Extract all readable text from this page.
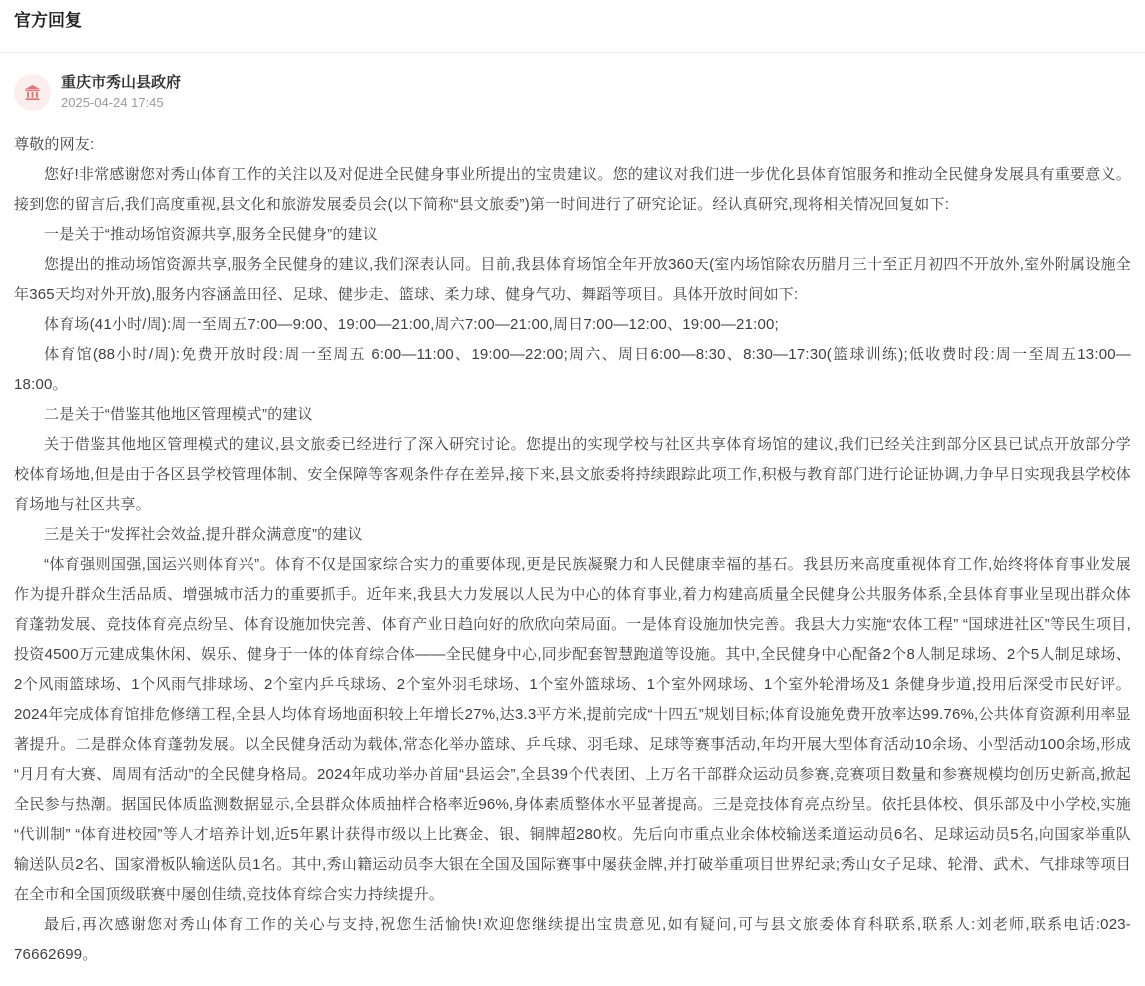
官方回复
重庆市秀山县政府
2025-04-24 17:45

尊敬的网友:

您好!非常感谢您对秀山体育工作的关注以及对促进全民健身事业所提出的宝贵建议。您的建议对我们进一步优化县体育馆服务和推动全民健身发展具有重要意义。接到您的留言后,我们高度重视,县文化和旅游发展委员会(以下简称“县文旅委”)第一时间进行了研究论证。经认真研究,现将相关情况回复如下:

一是关于“推动场馆资源共享,服务全民健身”的建议

您提出的推动场馆资源共享,服务全民健身的建议,我们深表认同。目前,我县体育场馆全年开放360天(室内场馆除农历腊月三十至正月初四不开放外,室外附属设施全年365天均对外开放),服务内容涵盖田径、足球、健步走、篮球、柔力球、健身气功、舞蹈等项目。具体开放时间如下:

体育场(41小时/周):周一至周五7:00—9:00、19:00—21:00,周六7:00—21:00,周日7:00—12:00、19:00—21:00;

体育馆(88小时/周):免费开放时段:周一至周五 6:00—11:00、19:00—22:00;周六、周日6:00—8:30、8:30—17:30(篮球训练);低收费时段:周一至周五13:00—18:00。

二是关于“借鉴其他地区管理模式”的建议

关于借鉴其他地区管理模式的建议,县文旅委已经进行了深入研究讨论。您提出的实现学校与社区共享体育场馆的建议,我们已经关注到部分区县已试点开放部分学校体育场地,但是由于各区县学校管理体制、安全保障等客观条件存在差异,接下来,县文旅委将持续跟踪此项工作,积极与教育部门进行论证协调,力争早日实现我县学校体育场地与社区共享。

三是关于“发挥社会效益,提升群众满意度”的建议

“体育强则国强,国运兴则体育兴”。体育不仅是国家综合实力的重要体现,更是民族凝聚力和人民健康幸福的基石。我县历来高度重视体育工作,始终将体育事业发展作为提升群众生活品质、增强城市活力的重要抓手。近年来,我县大力发展以人民为中心的体育事业,着力构建高质量全民健身公共服务体系,全县体育事业呈现出群众体育蓬勃发展、竞技体育亮点纷呈、体育设施加快完善、体育产业日趋向好的欣欣向荣局面。一是体育设施加快完善。我县大力实施“农体工程” “国球进社区”等民生项目,投资4500万元建成集休闲、娱乐、健身于一体的体育综合体——全民健身中心,同步配套智慧跑道等设施。其中,全民健身中心配备2个8人制足球场、2个5人制足球场、2个风雨篮球场、1个风雨气排球场、2个室内乒乓球场、2个室外羽毛球场、1个室外篮球场、1个室外网球场、1个室外轮滑场及1 条健身步道,投用后深受市民好评。2024年完成体育馆排危修缮工程,全县人均体育场地面积较上年增长27%,达3.3平方米,提前完成“十四五”规划目标;体育设施免费开放率达99.76%,公共体育资源利用率显著提升。二是群众体育蓬勃发展。以全民健身活动为载体,常态化举办篮球、乒乓球、羽毛球、足球等赛事活动,年均开展大型体育活动10余场、小型活动100余场,形成“月月有大赛、周周有活动”的全民健身格局。2024年成功举办首届“县运会”,全县39个代表团、上万名干部群众运动员参赛,竞赛项目数量和参赛规模均创历史新高,掀起全民参与热潮。据国民体质监测数据显示,全县群众体质抽样合格率近96%,身体素质整体水平显著提高。三是竞技体育亮点纷呈。依托县体校、俱乐部及中小学校,实施“代训制” “体育进校园”等人才培养计划,近5年累计获得市级以上比赛金、银、铜牌超280枚。先后向市重点业余体校输送柔道运动员6名、足球运动员5名,向国家举重队输送队员2名、国家滑板队输送队员1名。其中,秀山籍运动员李大银在全国及国际赛事中屡获金牌,并打破举重项目世界纪录;秀山女子足球、轮滑、武术、气排球等项目在全市和全国顶级联赛中屡创佳绩,竞技体育综合实力持续提升。

最后,再次感谢您对秀山体育工作的关心与支持,祝您生活愉快!欢迎您继续提出宝贵意见,如有疑问,可与县文旅委体育科联系,联系人:刘老师,联系电话:023-76662699。
